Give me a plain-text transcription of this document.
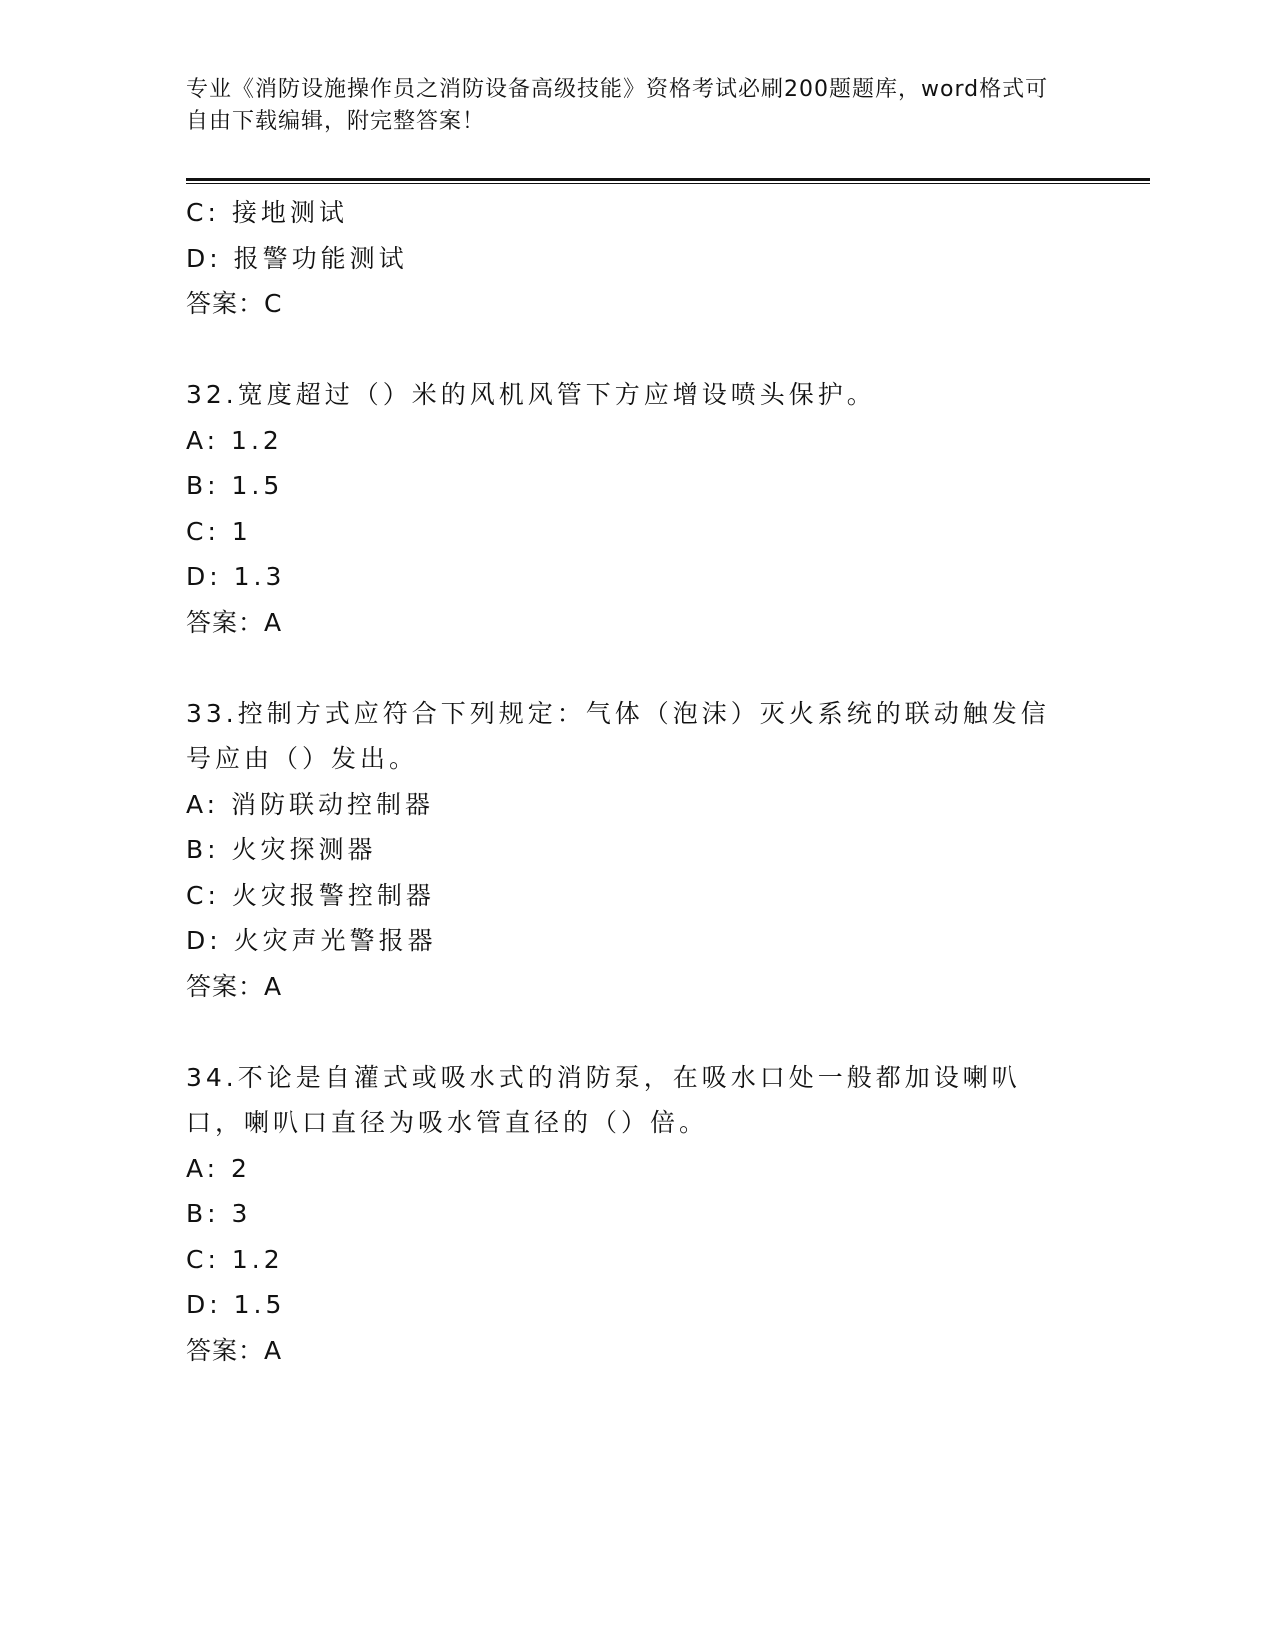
专业《消防设施操作员之消防设备高级技能》资格考试必刷200题题库，word格式可自由下载编辑，附完整答案！
C: 接地测试
D: 报警功能测试
答案：C
32.宽度超过（）米的风机风管下方应增设喷头保护。
A: 1.2
B: 1.5
C: 1
D: 1.3
答案：A
33.控制方式应符合下列规定：气体（泡沫）灭火系统的联动触发信号应由（）发出。
A: 消防联动控制器
B: 火灾探测器
C: 火灾报警控制器
D: 火灾声光警报器
答案：A
34.不论是自灌式或吸水式的消防泵，在吸水口处一般都加设喇叭口，喇叭口直径为吸水管直径的（）倍。
A: 2
B: 3
C: 1.2
D: 1.5
答案：A
